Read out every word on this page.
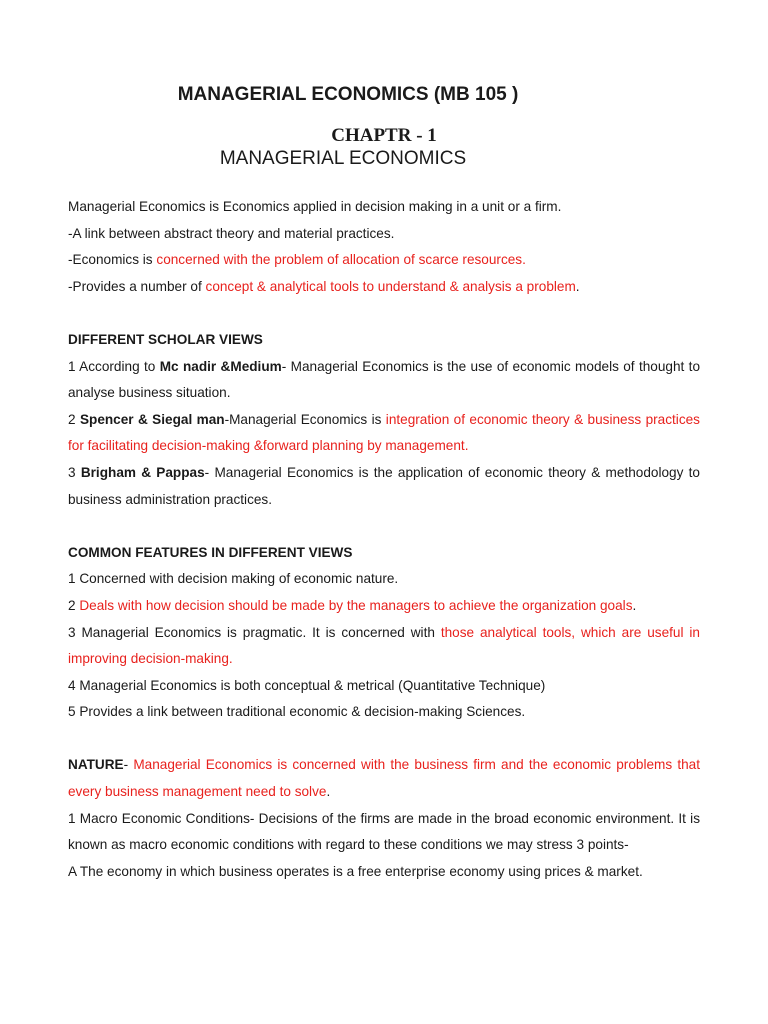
MANAGERIAL ECONOMICS (MB 105 )
CHAPTR - 1
MANAGERIAL ECONOMICS

Managerial Economics is Economics applied in decision making in a unit or a firm.

-A link between abstract theory and material practices.

-Economics is concerned with the problem of allocation of scarce resources.

-Provides a number of concept & analytical tools to understand & analysis a problem.

DIFFERENT SCHOLAR VIEWS

1 According to Mc nadir &Medium- Managerial Economics is the use of economic models of thought to analyse business situation.

2 Spencer & Siegal man-Managerial Economics is integration of economic theory & business practices for facilitating decision-making &forward planning by management.

3 Brigham & Pappas- Managerial Economics is the application of economic theory & methodology to business administration practices.

COMMON FEATURES IN DIFFERENT VIEWS

1 Concerned with decision making of economic nature.

2 Deals with how decision should be made by the managers to achieve the organization goals.

3 Managerial Economics is pragmatic. It is concerned with those analytical tools, which are useful in improving decision-making.

4 Managerial Economics is both conceptual & metrical (Quantitative Technique)

5 Provides a link between traditional economic & decision-making Sciences.

NATURE- Managerial Economics is concerned with the business firm and the economic problems that every business management need to solve.

1 Macro Economic Conditions- Decisions of the firms are made in the broad economic environment. It is known as macro economic conditions with regard to these conditions we may stress 3 points-

A The economy in which business operates is a free enterprise economy using prices & market.
